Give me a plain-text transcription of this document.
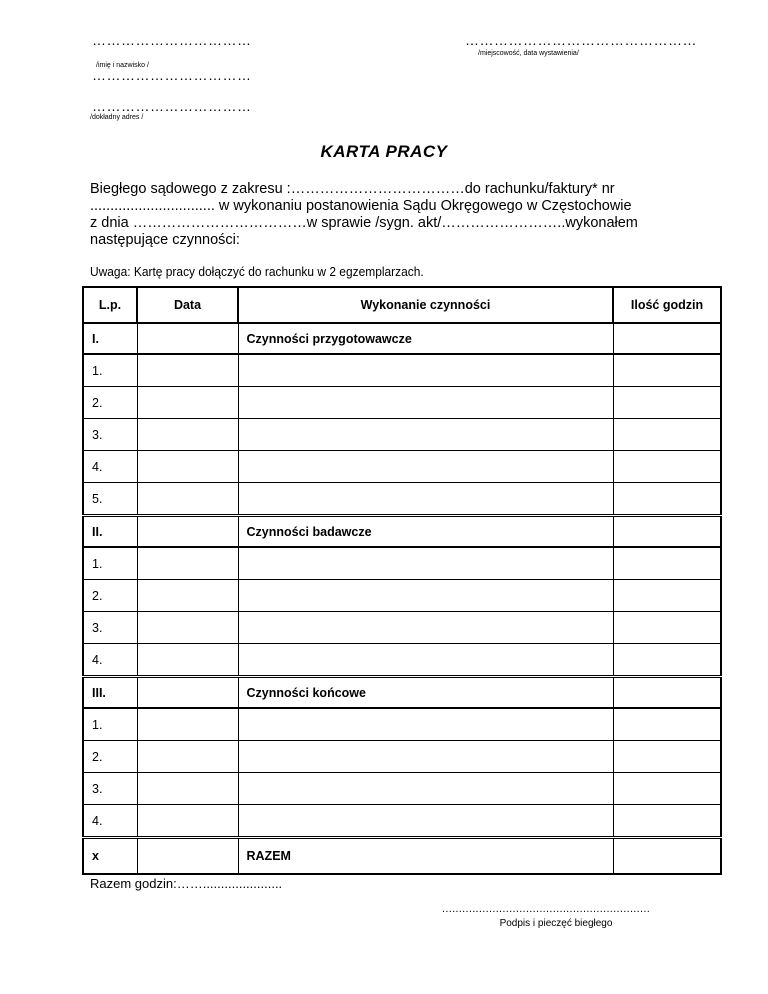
……………………………
/imię i nazwisko /
…………………………………………
/miejscowość, data wystawienia/
……………………………
……………………………
/dokładny adres /
KARTA PRACY
Biegłego sądowego z zakresu :………………………………do rachunku/faktury* nr
............................... w wykonaniu postanowienia Sądu Okręgowego w Częstochowie
z dnia ………………………………w sprawie /sygn. akt/……………………..wykonałem
następujące czynności:
Uwaga: Kartę pracy dołączyć do rachunku w 2 egzemplarzach.
L.p.	Data	Wykonanie czynności	Ilość godzin
I.		Czynności przygotowawcze	
1.			
2.			
3.			
4.			
5.			
II.		Czynności badawcze	
1.			
2.			
3.			
4.			
III.		Czynności końcowe	
1.			
2.			
3.			
4.			
x		RAZEM	
Razem godzin:……......................
..............................................................
Podpis i pieczęć biegłego
